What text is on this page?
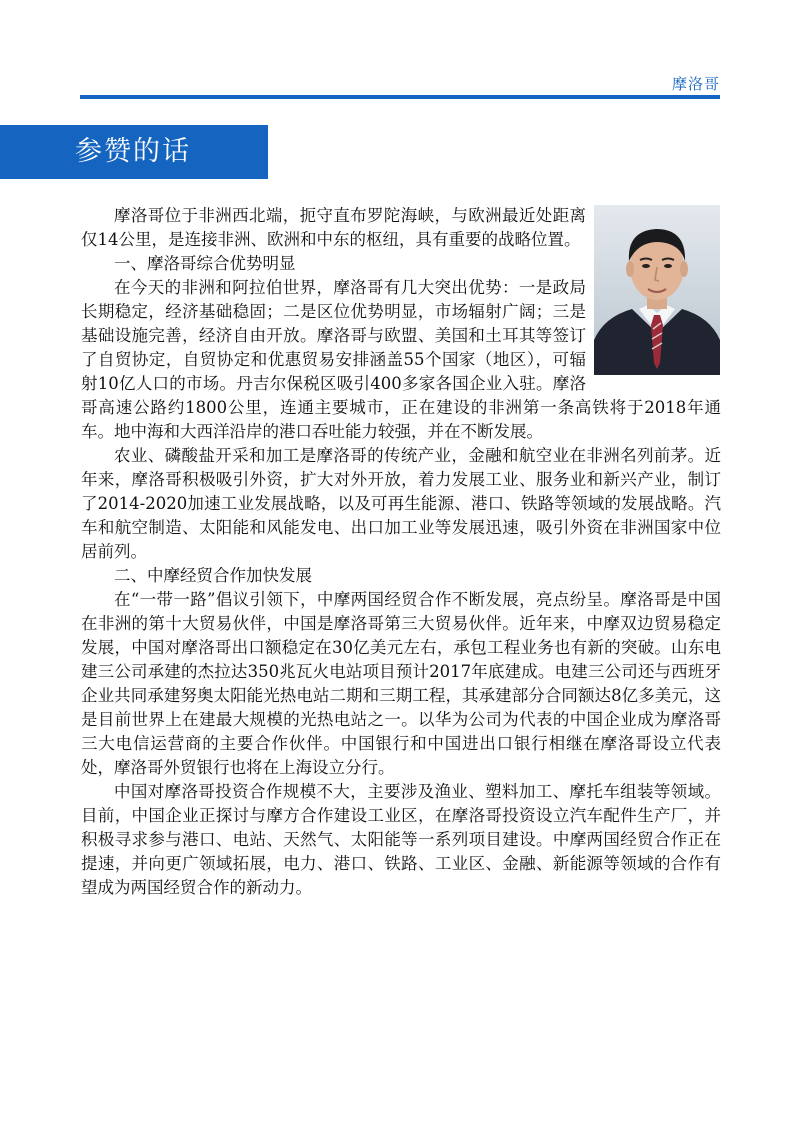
摩洛哥
参赞的话

摩洛哥位于非洲西北端，扼守直布罗陀海峡，与欧洲最近处距离仅14公里，是连接非洲、欧洲和中东的枢纽，具有重要的战略位置。

一、摩洛哥综合优势明显

在今天的非洲和阿拉伯世界，摩洛哥有几大突出优势：一是政局长期稳定，经济基础稳固；二是区位优势明显，市场辐射广阔；三是基础设施完善，经济自由开放。摩洛哥与欧盟、美国和土耳其等签订了自贸协定，自贸协定和优惠贸易安排涵盖55个国家（地区），可辐射10亿人口的市场。丹吉尔保税区吸引400多家各国企业入驻。摩洛哥高速公路约1800公里，连通主要城市，正在建设的非洲第一条高铁将于2018年通车。地中海和大西洋沿岸的港口吞吐能力较强，并在不断发展。

农业、磷酸盐开采和加工是摩洛哥的传统产业，金融和航空业在非洲名列前茅。近年来，摩洛哥积极吸引外资，扩大对外开放，着力发展工业、服务业和新兴产业，制订了2014-2020加速工业发展战略，以及可再生能源、港口、铁路等领域的发展战略。汽车和航空制造、太阳能和风能发电、出口加工业等发展迅速，吸引外资在非洲国家中位居前列。

二、中摩经贸合作加快发展

在“一带一路”倡议引领下，中摩两国经贸合作不断发展，亮点纷呈。摩洛哥是中国在非洲的第十大贸易伙伴，中国是摩洛哥第三大贸易伙伴。近年来，中摩双边贸易稳定发展，中国对摩洛哥出口额稳定在30亿美元左右，承包工程业务也有新的突破。山东电建三公司承建的杰拉达350兆瓦火电站项目预计2017年底建成。电建三公司还与西班牙企业共同承建努奥太阳能光热电站二期和三期工程，其承建部分合同额达8亿多美元，这是目前世界上在建最大规模的光热电站之一。以华为公司为代表的中国企业成为摩洛哥三大电信运营商的主要合作伙伴。中国银行和中国进出口银行相继在摩洛哥设立代表处，摩洛哥外贸银行也将在上海设立分行。

中国对摩洛哥投资合作规模不大，主要涉及渔业、塑料加工、摩托车组装等领域。目前，中国企业正探讨与摩方合作建设工业区，在摩洛哥投资设立汽车配件生产厂，并积极寻求参与港口、电站、天然气、太阳能等一系列项目建设。中摩两国经贸合作正在提速，并向更广领域拓展，电力、港口、铁路、工业区、金融、新能源等领域的合作有望成为两国经贸合作的新动力。
